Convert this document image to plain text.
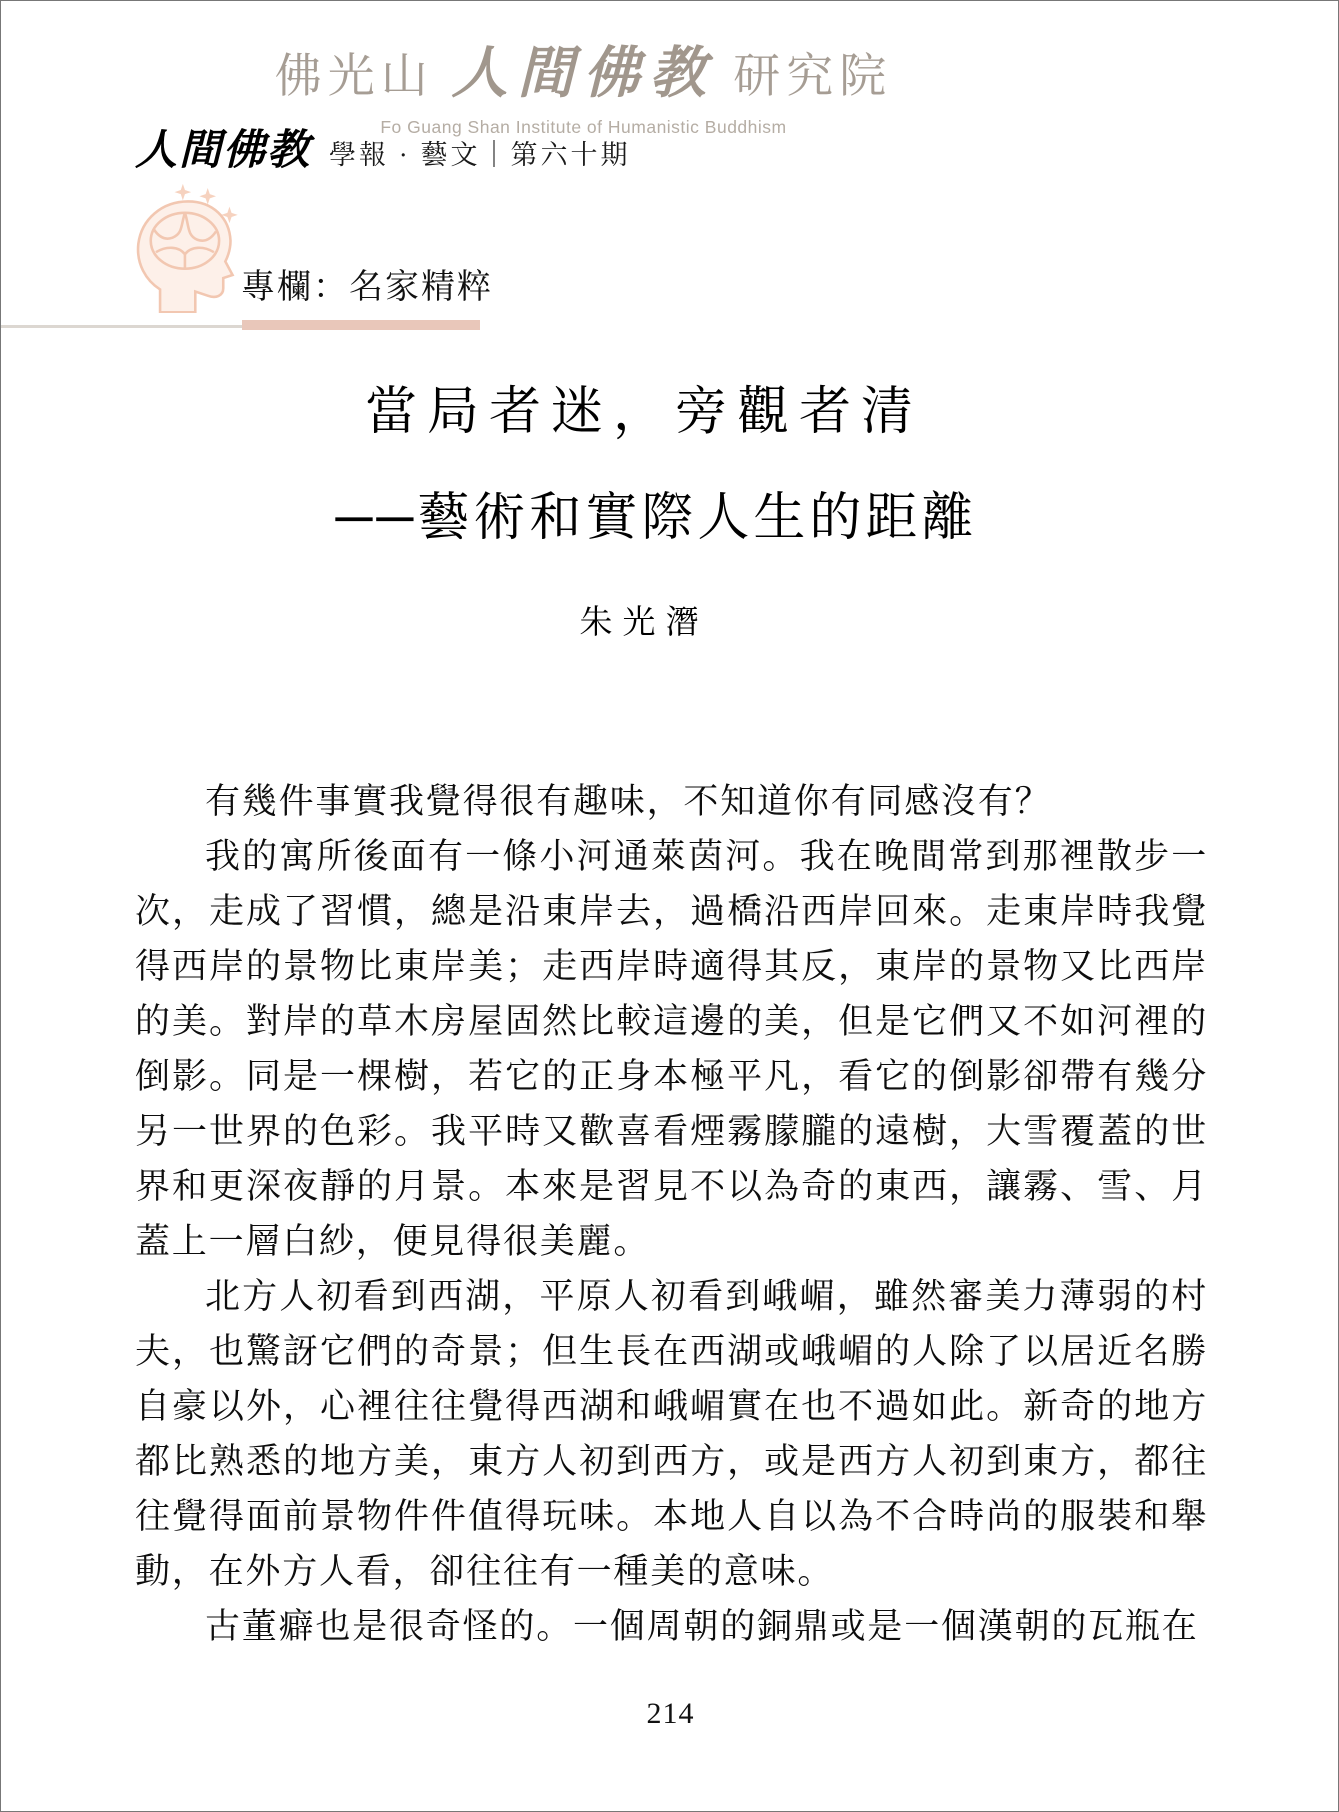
佛光山 人間佛教 研究院
Fo Guang Shan Institute of Humanistic Buddhism
人間佛教 學報 · 藝文｜第六十期
專欄：名家精粹
當局者迷，旁觀者清
──藝術和實際人生的距離
朱光潛

有幾件事實我覺得很有趣味，不知道你有同感沒有？

我的寓所後面有一條小河通萊茵河。我在晚間常到那裡散步一次，走成了習慣，總是沿東岸去，過橋沿西岸回來。走東岸時我覺得西岸的景物比東岸美；走西岸時適得其反，東岸的景物又比西岸的美。對岸的草木房屋固然比較這邊的美，但是它們又不如河裡的倒影。同是一棵樹，若它的正身本極平凡，看它的倒影卻帶有幾分另一世界的色彩。我平時又歡喜看煙霧朦朧的遠樹，大雪覆蓋的世界和更深夜靜的月景。本來是習見不以為奇的東西，讓霧、雪、月蓋上一層白紗，便見得很美麗。

北方人初看到西湖，平原人初看到峨嵋，雖然審美力薄弱的村夫，也驚訝它們的奇景；但生長在西湖或峨嵋的人除了以居近名勝自豪以外，心裡往往覺得西湖和峨嵋實在也不過如此。新奇的地方都比熟悉的地方美，東方人初到西方，或是西方人初到東方，都往往覺得面前景物件件值得玩味。本地人自以為不合時尚的服裝和舉動，在外方人看，卻往往有一種美的意味。

古董癖也是很奇怪的。一個周朝的銅鼎或是一個漢朝的瓦瓶在

214
